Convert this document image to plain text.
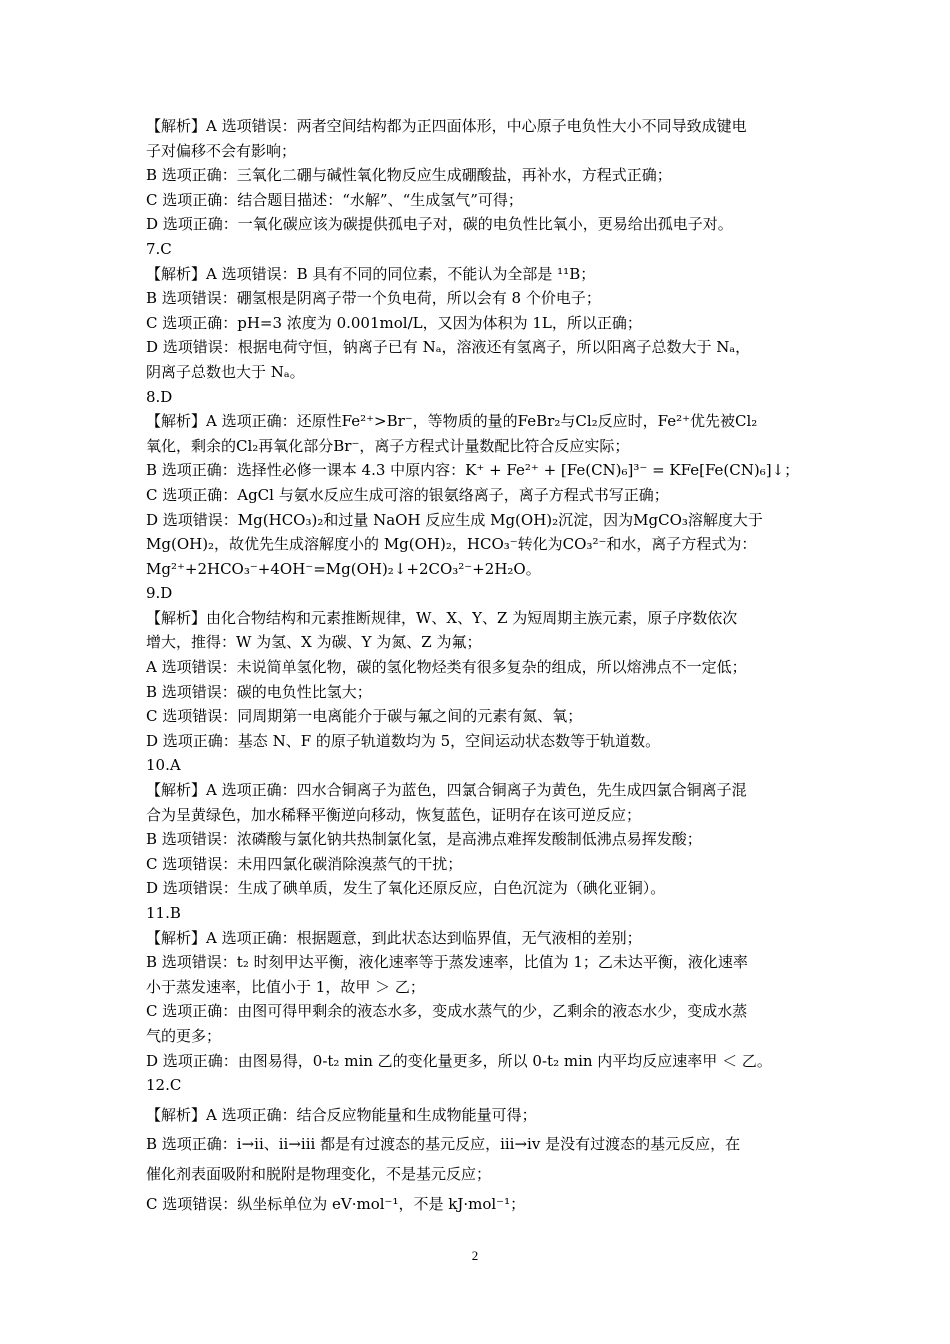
【解析】A 选项错误：两者空间结构都为正四面体形，中心原子电负性大小不同导致成键电
子对偏移不会有影响；
B 选项正确：三氧化二硼与碱性氧化物反应生成硼酸盐，再补水，方程式正确；
C 选项正确：结合题目描述：“水解”、“生成氢气”可得；
D 选项正确：一氧化碳应该为碳提供孤电子对，碳的电负性比氧小，更易给出孤电子对。
7.C
【解析】A 选项错误：B 具有不同的同位素，不能认为全部是 ¹¹B；
B 选项错误：硼氢根是阴离子带一个负电荷，所以会有 8 个价电子；
C 选项正确：pH=3 浓度为 0.001mol/L，又因为体积为 1L，所以正确；
D 选项错误：根据电荷守恒，钠离子已有 Nₐ，溶液还有氢离子，所以阳离子总数大于 Nₐ，
阴离子总数也大于 Nₐ。
8.D
【解析】A 选项正确：还原性Fe²⁺>Br⁻，等物质的量的FeBr₂与Cl₂反应时，Fe²⁺优先被Cl₂
氧化，剩余的Cl₂再氧化部分Br⁻，离子方程式计量数配比符合反应实际；
B 选项正确：选择性必修一课本 4.3 中原内容：K⁺ + Fe²⁺ + [Fe(CN)₆]³⁻ = KFe[Fe(CN)₆]↓；
C 选项正确：AgCl 与氨水反应生成可溶的银氨络离子，离子方程式书写正确；
D 选项错误：Mg(HCO₃)₂和过量 NaOH 反应生成 Mg(OH)₂沉淀，因为MgCO₃溶解度大于
Mg(OH)₂，故优先生成溶解度小的 Mg(OH)₂，HCO₃⁻转化为CO₃²⁻和水，离子方程式为：
Mg²⁺+2HCO₃⁻+4OH⁻=Mg(OH)₂↓+2CO₃²⁻+2H₂O。
9.D
【解析】由化合物结构和元素推断规律，W、X、Y、Z 为短周期主族元素，原子序数依次
增大，推得：W 为氢、X 为碳、Y 为氮、Z 为氟；
A 选项错误：未说简单氢化物，碳的氢化物烃类有很多复杂的组成，所以熔沸点不一定低；
B 选项错误：碳的电负性比氢大；
C 选项错误：同周期第一电离能介于碳与氟之间的元素有氮、氧；
D 选项正确：基态 N、F 的原子轨道数均为 5，空间运动状态数等于轨道数。
10.A
【解析】A 选项正确：四水合铜离子为蓝色，四氯合铜离子为黄色，先生成四氯合铜离子混
合为呈黄绿色，加水稀释平衡逆向移动，恢复蓝色，证明存在该可逆反应；
B 选项错误：浓磷酸与氯化钠共热制氯化氢，是高沸点难挥发酸制低沸点易挥发酸；
C 选项错误：未用四氯化碳消除溴蒸气的干扰；
D 选项错误：生成了碘单质，发生了氧化还原反应，白色沉淀为（碘化亚铜）。
11.B
【解析】A 选项正确：根据题意，到此状态达到临界值，无气液相的差别；
B 选项错误：t₂ 时刻甲达平衡，液化速率等于蒸发速率，比值为 1；乙未达平衡，液化速率
小于蒸发速率，比值小于 1，故甲 ＞ 乙；
C 选项正确：由图可得甲剩余的液态水多，变成水蒸气的少，乙剩余的液态水少，变成水蒸
气的更多；
D 选项正确：由图易得，0-t₂ min 乙的变化量更多，所以 0-t₂ min 内平均反应速率甲 ＜ 乙。
12.C
【解析】A 选项正确：结合反应物能量和生成物能量可得；
B 选项正确：i→ii、ii→iii 都是有过渡态的基元反应，iii→iv 是没有过渡态的基元反应，在
催化剂表面吸附和脱附是物理变化，不是基元反应；
C 选项错误：纵坐标单位为 eV·mol⁻¹，不是 kJ·mol⁻¹；
2
